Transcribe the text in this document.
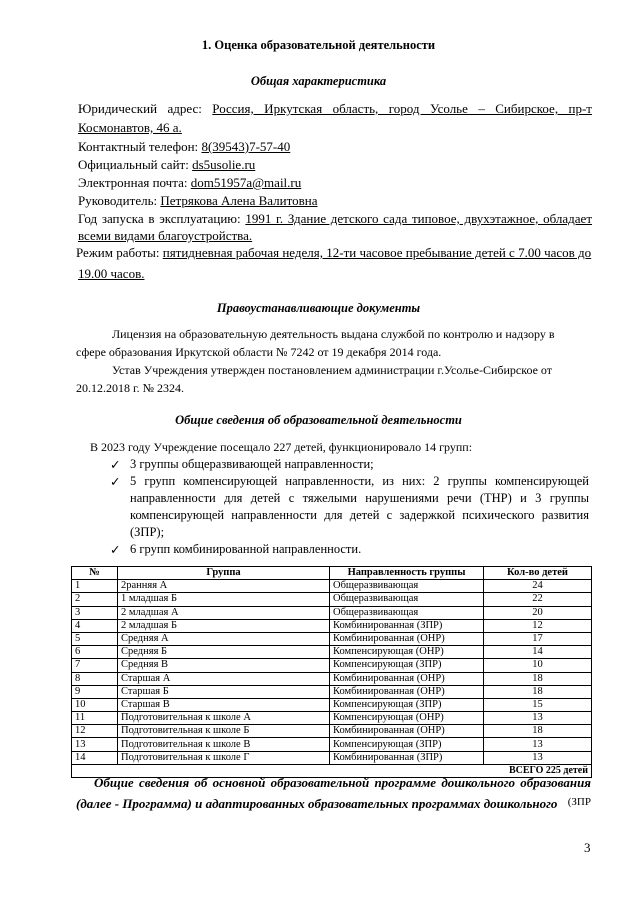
1. Оценка образовательной деятельности
Общая характеристика
Юридический адрес: Россия, Иркутская область, город Усолье – Сибирское, пр-т
Космонавтов, 46 а.
Контактный телефон: 8(39543)7-57-40
Официальный сайт: ds5usolie.ru
Электронная почта: dom51957a@mail.ru
Руководитель: Петрякова Алена Валитовна
Год запуска в эксплуатацию: 1991 г. Здание детского сада типовое, двухэтажное, обладает
всеми видами благоустройства.
Режим работы: пятидневная рабочая неделя, 12-ти часовое пребывание детей с 7.00 часов до
19.00 часов.
Правоустанавливающие документы
Лицензия на образовательную деятельность выдана службой по контролю и надзору в
сфере образования Иркутской области № 7242 от 19 декабря 2014 года.
Устав Учреждения утвержден постановлением администрации г.Усолье-Сибирское от
20.12.2018 г. № 2324.
Общие сведения об образовательной деятельности
В 2023 году Учреждение посещало 227 детей, функционировало 14 групп:
✓ 3 группы общеразвивающей направленности;
✓ 5 групп компенсирующей направленности, из них: 2 группы компенсирующей
направленности для детей с тяжелыми нарушениями речи (ТНР) и 3 группы
компенсирующей направленности для детей с задержкой психического развития
(ЗПР);
✓ 6 групп комбинированной направленности.
№	Группа	Направленность группы	Кол-во детей
1	2ранняя А	Общеразвивающая	24
2	1 младшая Б	Общеразвивающая	22
3	2 младшая А	Общеразвивающая	20
4	2 младшая Б	Комбинированная (ЗПР)	12
5	Средняя А	Комбинированная (ОНР)	17
6	Средняя Б	Компенсирующая (ОНР)	14
7	Средняя В	Компенсирующая (ЗПР)	10
8	Старшая А	Комбинированная (ОНР)	18
9	Старшая Б	Комбинированная (ОНР)	18
10	Старшая В	Компенсирующая (ЗПР)	15
11	Подготовительная к школе А	Компенсирующая (ОНР)	13
12	Подготовительная к школе Б	Комбинированная (ОНР)	18
13	Подготовительная к школе В	Компенсирующая (ЗПР)	13
14	Подготовительная к школе Г	Комбинированная (ЗПР)	13
ВСЕГО 225 детей			
Общие сведения об основной образовательной программе дошкольного образования
(далее - Программа) и адаптированных образовательных программах дошкольного (ЗПР
3
